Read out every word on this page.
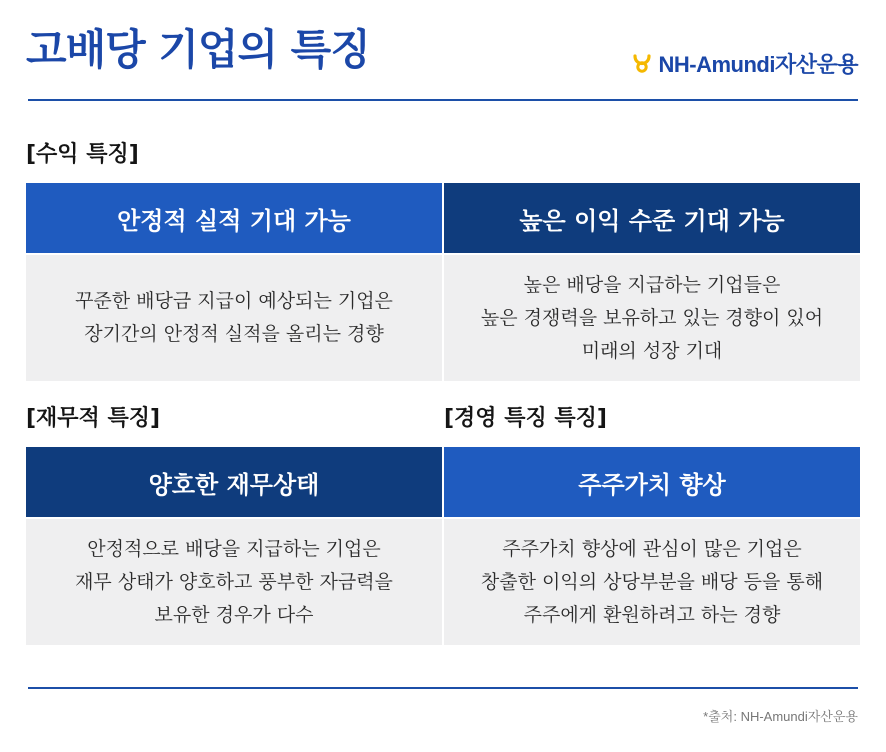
고배당 기업의 특징	NH-Amundi자산운용

[수익 특징]

안정적 실적 기대 가능
꾸준한 배당금 지급이 예상되는 기업은
장기간의 안정적 실적을 올리는 경향
높은 이익 수준 기대 가능
높은 배당을 지급하는 기업들은
높은 경쟁력을 보유하고 있는 경향이 있어
미래의 성장 기대

[재무적 특징]	[경영 특징 특징]

양호한 재무상태
안정적으로 배당을 지급하는 기업은
재무 상태가 양호하고 풍부한 자금력을
보유한 경우가 다수
주주가치 향상
주주가치 향상에 관심이 많은 기업은
창출한 이익의 상당부분을 배당 등을 통해
주주에게 환원하려고 하는 경향
*출처: NH-Amundi자산운용
